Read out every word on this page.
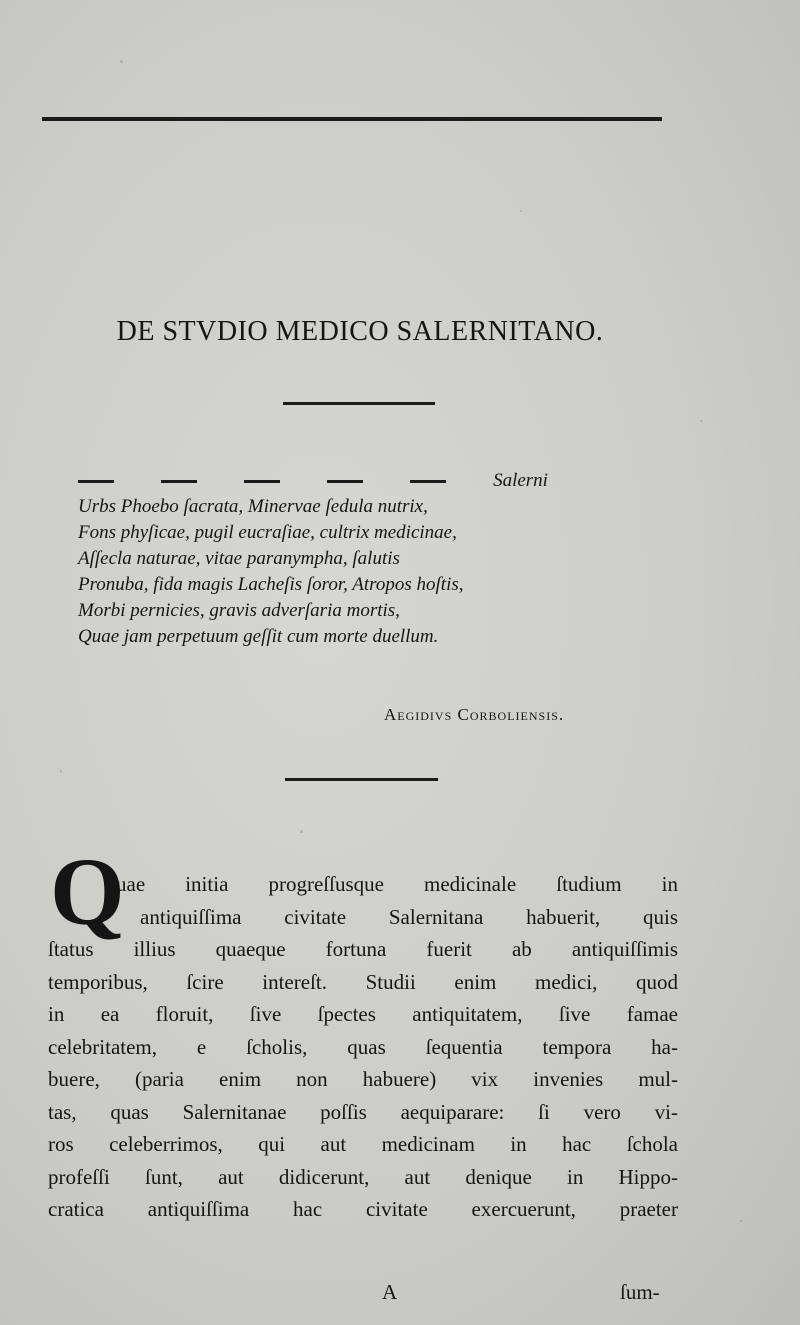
DE STVDIO MEDICO SALERNITANO.
Salerni
Urbs Phoebo ſacrata, Minervae ſedula nutrix,
Fons phyſicae, pugil eucraſiae, cultrix medicinae,
Aſſecla naturae, vitae paranympha, ſalutis
Pronuba, fida magis Lacheſis ſoror, Atropos hoſtis,
Morbi pernicies, gravis adverſaria mortis,
Quae jam perpetuum geſſit cum morte duellum.
Aegidivs Corboliensis.
Q
uae initia progreſſusque medicinale ſtudium in
antiquiſſima civitate Salernitana habuerit, quis
ſtatus illius quaeque fortuna fuerit ab antiquiſſimis
temporibus, ſcire intereſt. Studii enim medici, quod
in ea floruit, ſive ſpectes antiquitatem, ſive famae
celebritatem, e ſcholis, quas ſequentia tempora ha-
buere, (paria enim non habuere) vix invenies mul-
tas, quas Salernitanae poſſis aequiparare: ſi vero vi-
ros celeberrimos, qui aut medicinam in hac ſchola
profeſſi ſunt, aut didicerunt, aut denique in Hippo-
cratica antiquiſſima hac civitate exercuerunt, praeter
A	ſum-
